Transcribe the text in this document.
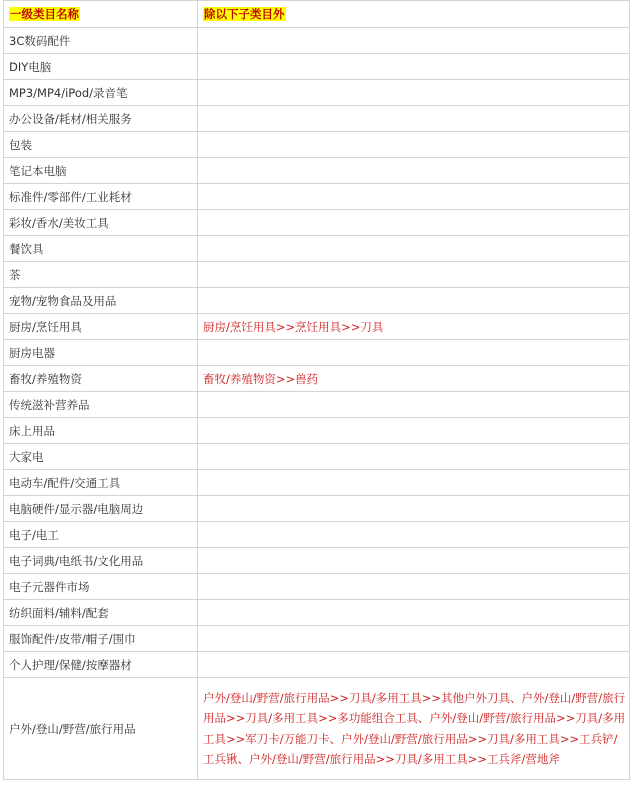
一级类目名称	除以下子类目外
3C数码配件	
DIY电脑	
MP3/MP4/iPod/录音笔	
办公设备/耗材/相关服务	
包装	
笔记本电脑	
标准件/零部件/工业耗材	
彩妆/香水/美妆工具	
餐饮具	
茶	
宠物/宠物食品及用品	
厨房/烹饪用具	厨房/烹饪用具>>烹饪用具>>刀具
厨房电器	
畜牧/养殖物资	畜牧/养殖物资>>兽药
传统滋补营养品	
床上用品	
大家电	
电动车/配件/交通工具	
电脑硬件/显示器/电脑周边	
电子/电工	
电子词典/电纸书/文化用品	
电子元器件市场	
纺织面料/辅料/配套	
服饰配件/皮带/帽子/围巾	
个人护理/保健/按摩器材	
户外/登山/野营/旅行用品	户外/登山/野营/旅行用品>>刀具/多用工具>>其他户外刀具、户外/登山/野营/旅行用品>>刀具/多用工具>>多功能组合工具、户外/登山/野营/旅行用品>>刀具/多用工具>>军刀卡/万能刀卡、户外/登山/野营/旅行用品>>刀具/多用工具>>工兵铲/工兵锹、户外/登山/野营/旅行用品>>刀具/多用工具>>工兵斧/营地斧
